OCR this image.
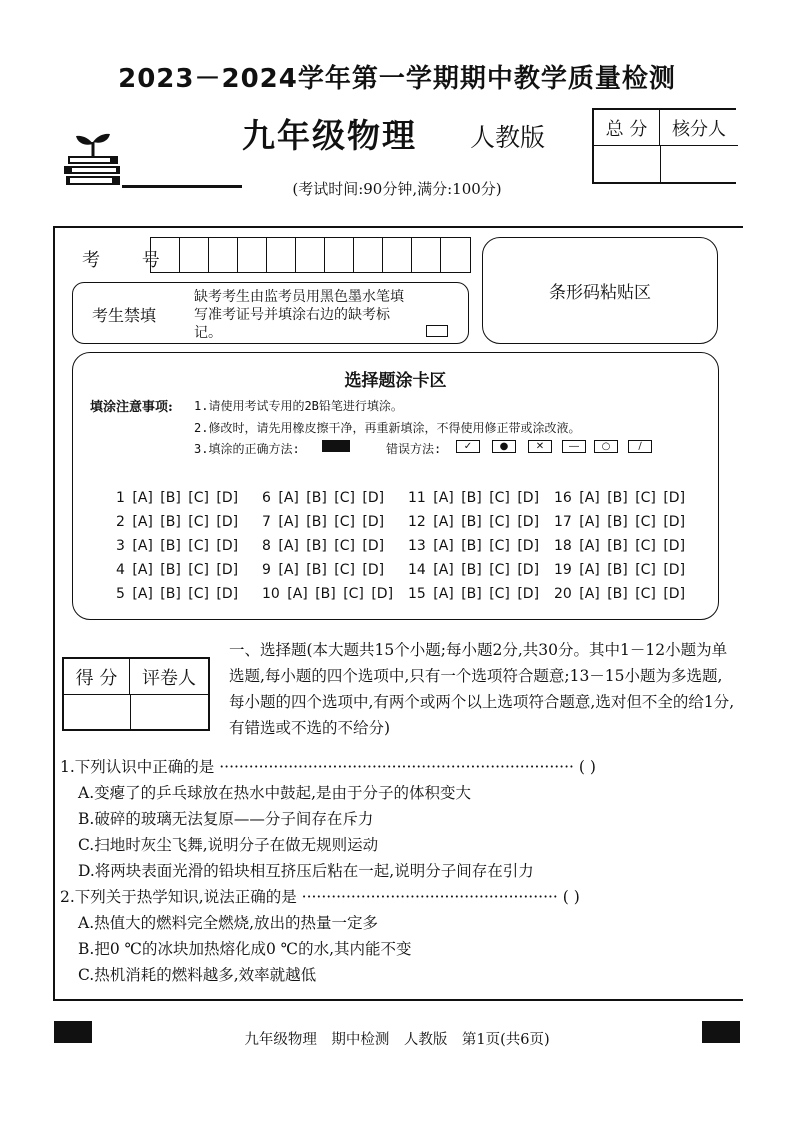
2023－2024学年第一学期期中教学质量检测
九年级物理 人教版
(考试时间:90分钟,满分:100分)
总 分	核分人
考 号
条形码粘贴区
考生禁填
缺考考生由监考员用黑色墨水笔填写准考证号并填涂右边的缺考标记。
选择题涂卡区
填涂注意事项: 1.请使用考试专用的2B铅笔进行填涂。
2.修改时，请先用橡皮擦干净，再重新填涂，不得使用修正带或涂改液。
3.填涂的正确方法:	错误方法:	✓	●	✕	―	○	∕
1 [A] [B] [C] [D] 6 [A] [B] [C] [D] 11 [A] [B] [C] [D] 16 [A] [B] [C] [D]
2 [A] [B] [C] [D] 7 [A] [B] [C] [D] 12 [A] [B] [C] [D] 17 [A] [B] [C] [D]
3 [A] [B] [C] [D] 8 [A] [B] [C] [D] 13 [A] [B] [C] [D] 18 [A] [B] [C] [D]
4 [A] [B] [C] [D] 9 [A] [B] [C] [D] 14 [A] [B] [C] [D] 19 [A] [B] [C] [D]
5 [A] [B] [C] [D] 10 [A] [B] [C] [D] 15 [A] [B] [C] [D] 20 [A] [B] [C] [D]
得 分	评卷人
一、选择题(本大题共15个小题;每小题2分,共30分。其中1－12小题为单选题,每小题的四个选项中,只有一个选项符合题意;13－15小题为多选题,每小题的四个选项中,有两个或两个以上选项符合题意,选对但不全的给1分,有错选或不选的不给分)
1.下列认识中正确的是 ········································································ ( )
A.变瘪了的乒乓球放在热水中鼓起,是由于分子的体积变大
B.破碎的玻璃无法复原——分子间存在斥力
C.扫地时灰尘飞舞,说明分子在做无规则运动
D.将两块表面光滑的铅块相互挤压后粘在一起,说明分子间存在引力
2.下列关于热学知识,说法正确的是 ···················································· ( )
A.热值大的燃料完全燃烧,放出的热量一定多
B.把0 ℃的冰块加热熔化成0 ℃的水,其内能不变
C.热机消耗的燃料越多,效率就越低
九年级物理　期中检测　人教版　第1页(共6页)
